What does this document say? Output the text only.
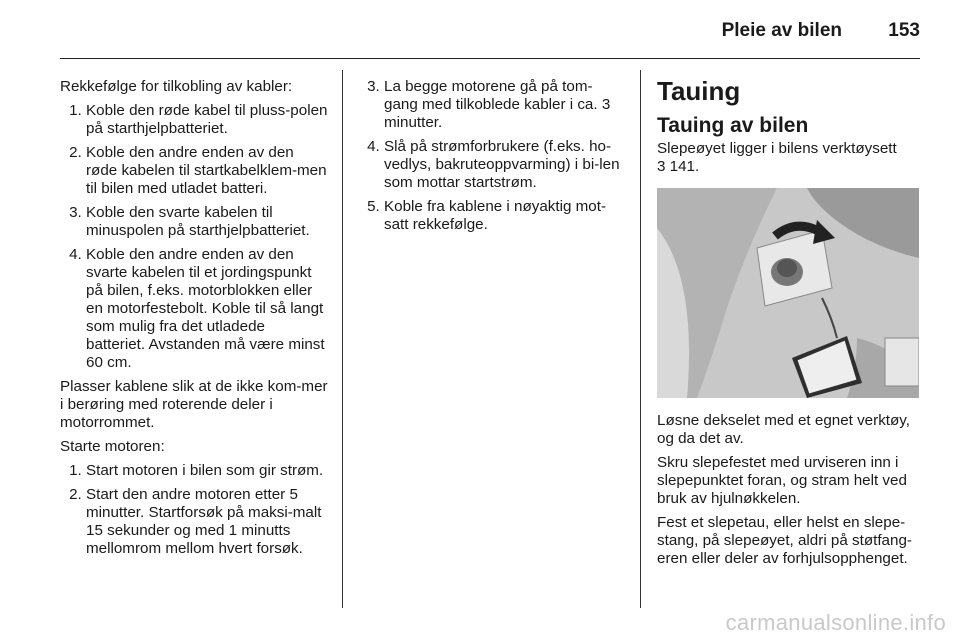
Pleie av bilen 153

Rekkefølge for tilkobling av kabler:

1. Koble den røde kabel til pluss-polen på starthjelpbatteriet.
2. Koble den andre enden av den røde kabelen til startkabelklem-men til bilen med utladet batteri.
3. Koble den svarte kabelen til minuspolen på starthjelpbatteriet.
4. Koble den andre enden av den svarte kabelen til et jordingspunkt på bilen, f.eks. motorblokken eller en motorfestebolt. Koble til så langt som mulig fra det utladede batteriet. Avstanden må være minst 60 cm.

Plasser kablene slik at de ikke kom-mer i berøring med roterende deler i motorrommet.

Starte motoren:

1. Start motoren i bilen som gir strøm.
2. Start den andre motoren etter 5 minutter. Startforsøk på maksi-malt 15 sekunder og med 1 minutts mellomrom mellom hvert forsøk.
3. La begge motorene gå på tom-gang med tilkoblede kabler i ca. 3 minutter.
4. Slå på strømforbrukere (f.eks. ho-vedlys, bakruteoppvarming) i bi-len som mottar startstrøm.
5. Koble fra kablene i nøyaktig mot-satt rekkefølge.
Tauing
Tauing av bilen

Slepeøyet ligger i bilens verktøysett
3 141.

Løsne dekselet med et egnet verktøy, og da det av.

Skru slepefestet med urviseren inn i slepepunktet foran, og stram helt ved bruk av hjulnøkkelen.

Fest et slepetau, eller helst en slepe-stang, på slepeøyet, aldri på støtfang-eren eller deler av forhjulsopphenget.

carmanualsonline.info
